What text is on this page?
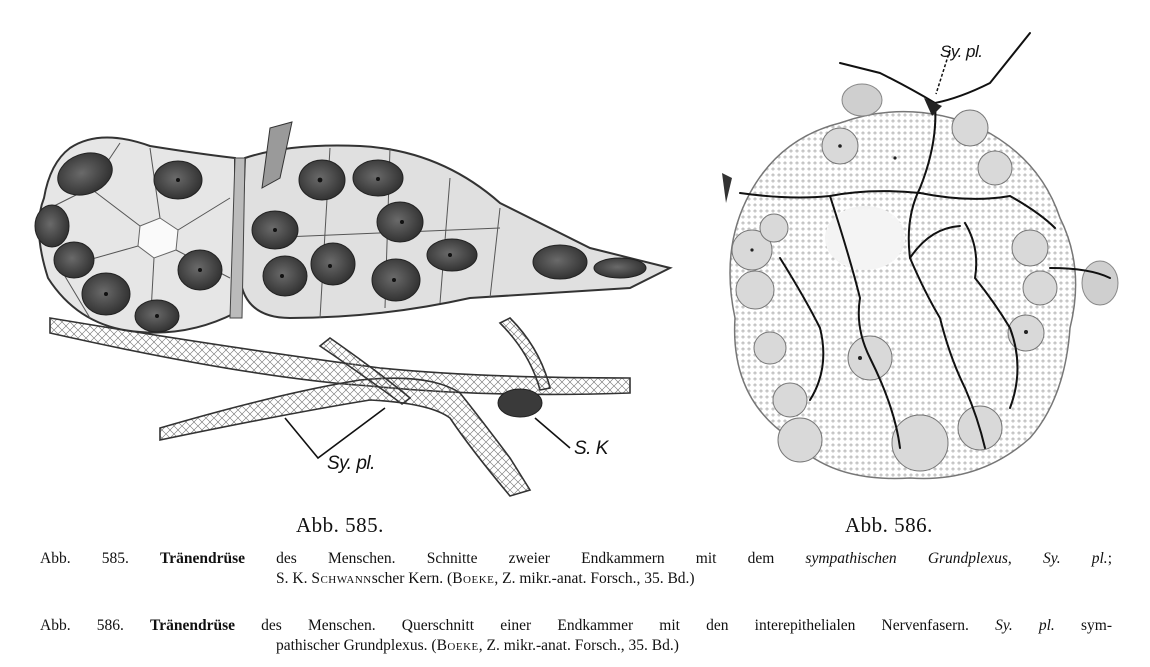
Sy. pl.
S. K
Sy. pl.
Abb. 585.	Abb. 586.
Abb. 585. Tränendrüse des Menschen. Schnitte zweier Endkammern mit dem sympathischen Grundplexus, Sy. pl.;
S. K. Schwannscher Kern. (Boeke, Z. mikr.-anat. Forsch., 35. Bd.)
Abb. 586. Tränendrüse des Menschen. Querschnitt einer Endkammer mit den interepithelialen Nervenfasern. Sy. pl. sym-
pathischer Grundplexus. (Boeke, Z. mikr.-anat. Forsch., 35. Bd.)
